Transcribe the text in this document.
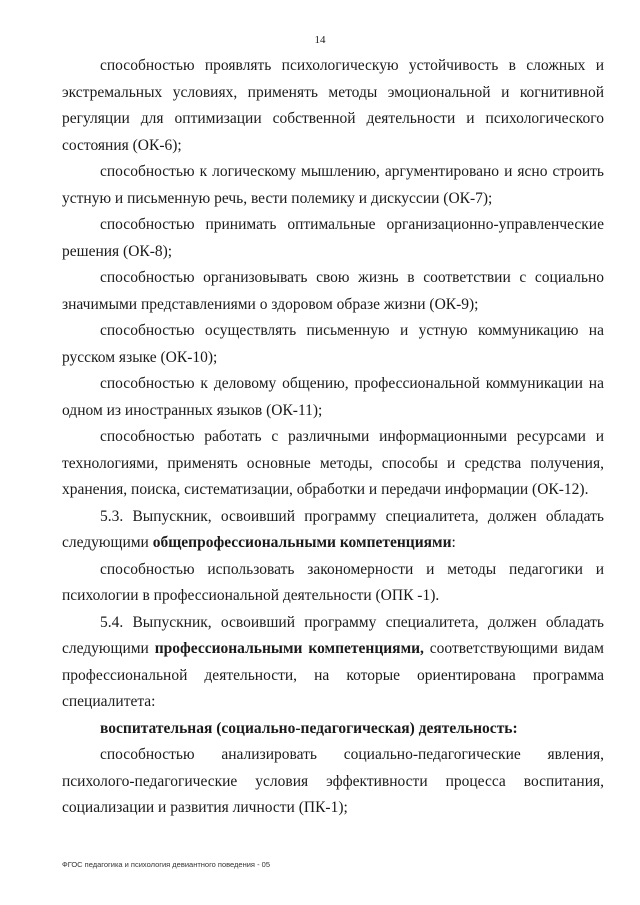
14

способностью проявлять психологическую устойчивость в сложных и экстремальных условиях, применять методы эмоциональной и когнитивной регуляции для оптимизации собственной деятельности и психологического состояния (ОК-6);

способностью к логическому мышлению, аргументировано и ясно строить устную и письменную речь, вести полемику и дискуссии (ОК-7);

способностью принимать оптимальные организационно-управленческие решения (ОК-8);

способностью организовывать свою жизнь в соответствии с социально значимыми представлениями о здоровом образе жизни (ОК-9);

способностью осуществлять письменную и устную коммуникацию на русском языке (ОК-10);

способностью к деловому общению, профессиональной коммуникации на одном из иностранных языков (ОК-11);

способностью работать с различными информационными ресурсами и технологиями, применять основные методы, способы и средства получения, хранения, поиска, систематизации, обработки и передачи информации (ОК-12).

5.3. Выпускник, освоивший программу специалитета, должен обладать следующими общепрофессиональными компетенциями:

способностью использовать закономерности и методы педагогики и психологии в профессиональной деятельности (ОПК -1).

5.4. Выпускник, освоивший программу специалитета, должен обладать следующими профессиональными компетенциями, соответствующими видам профессиональной деятельности, на которые ориентирована программа специалитета:

воспитательная (социально-педагогическая) деятельность:

способностью анализировать социально-педагогические явления, психолого-педагогические условия эффективности процесса воспитания, социализации и развития личности (ПК-1);

ФГОС педагогика и психология девиантного поведения - 05
